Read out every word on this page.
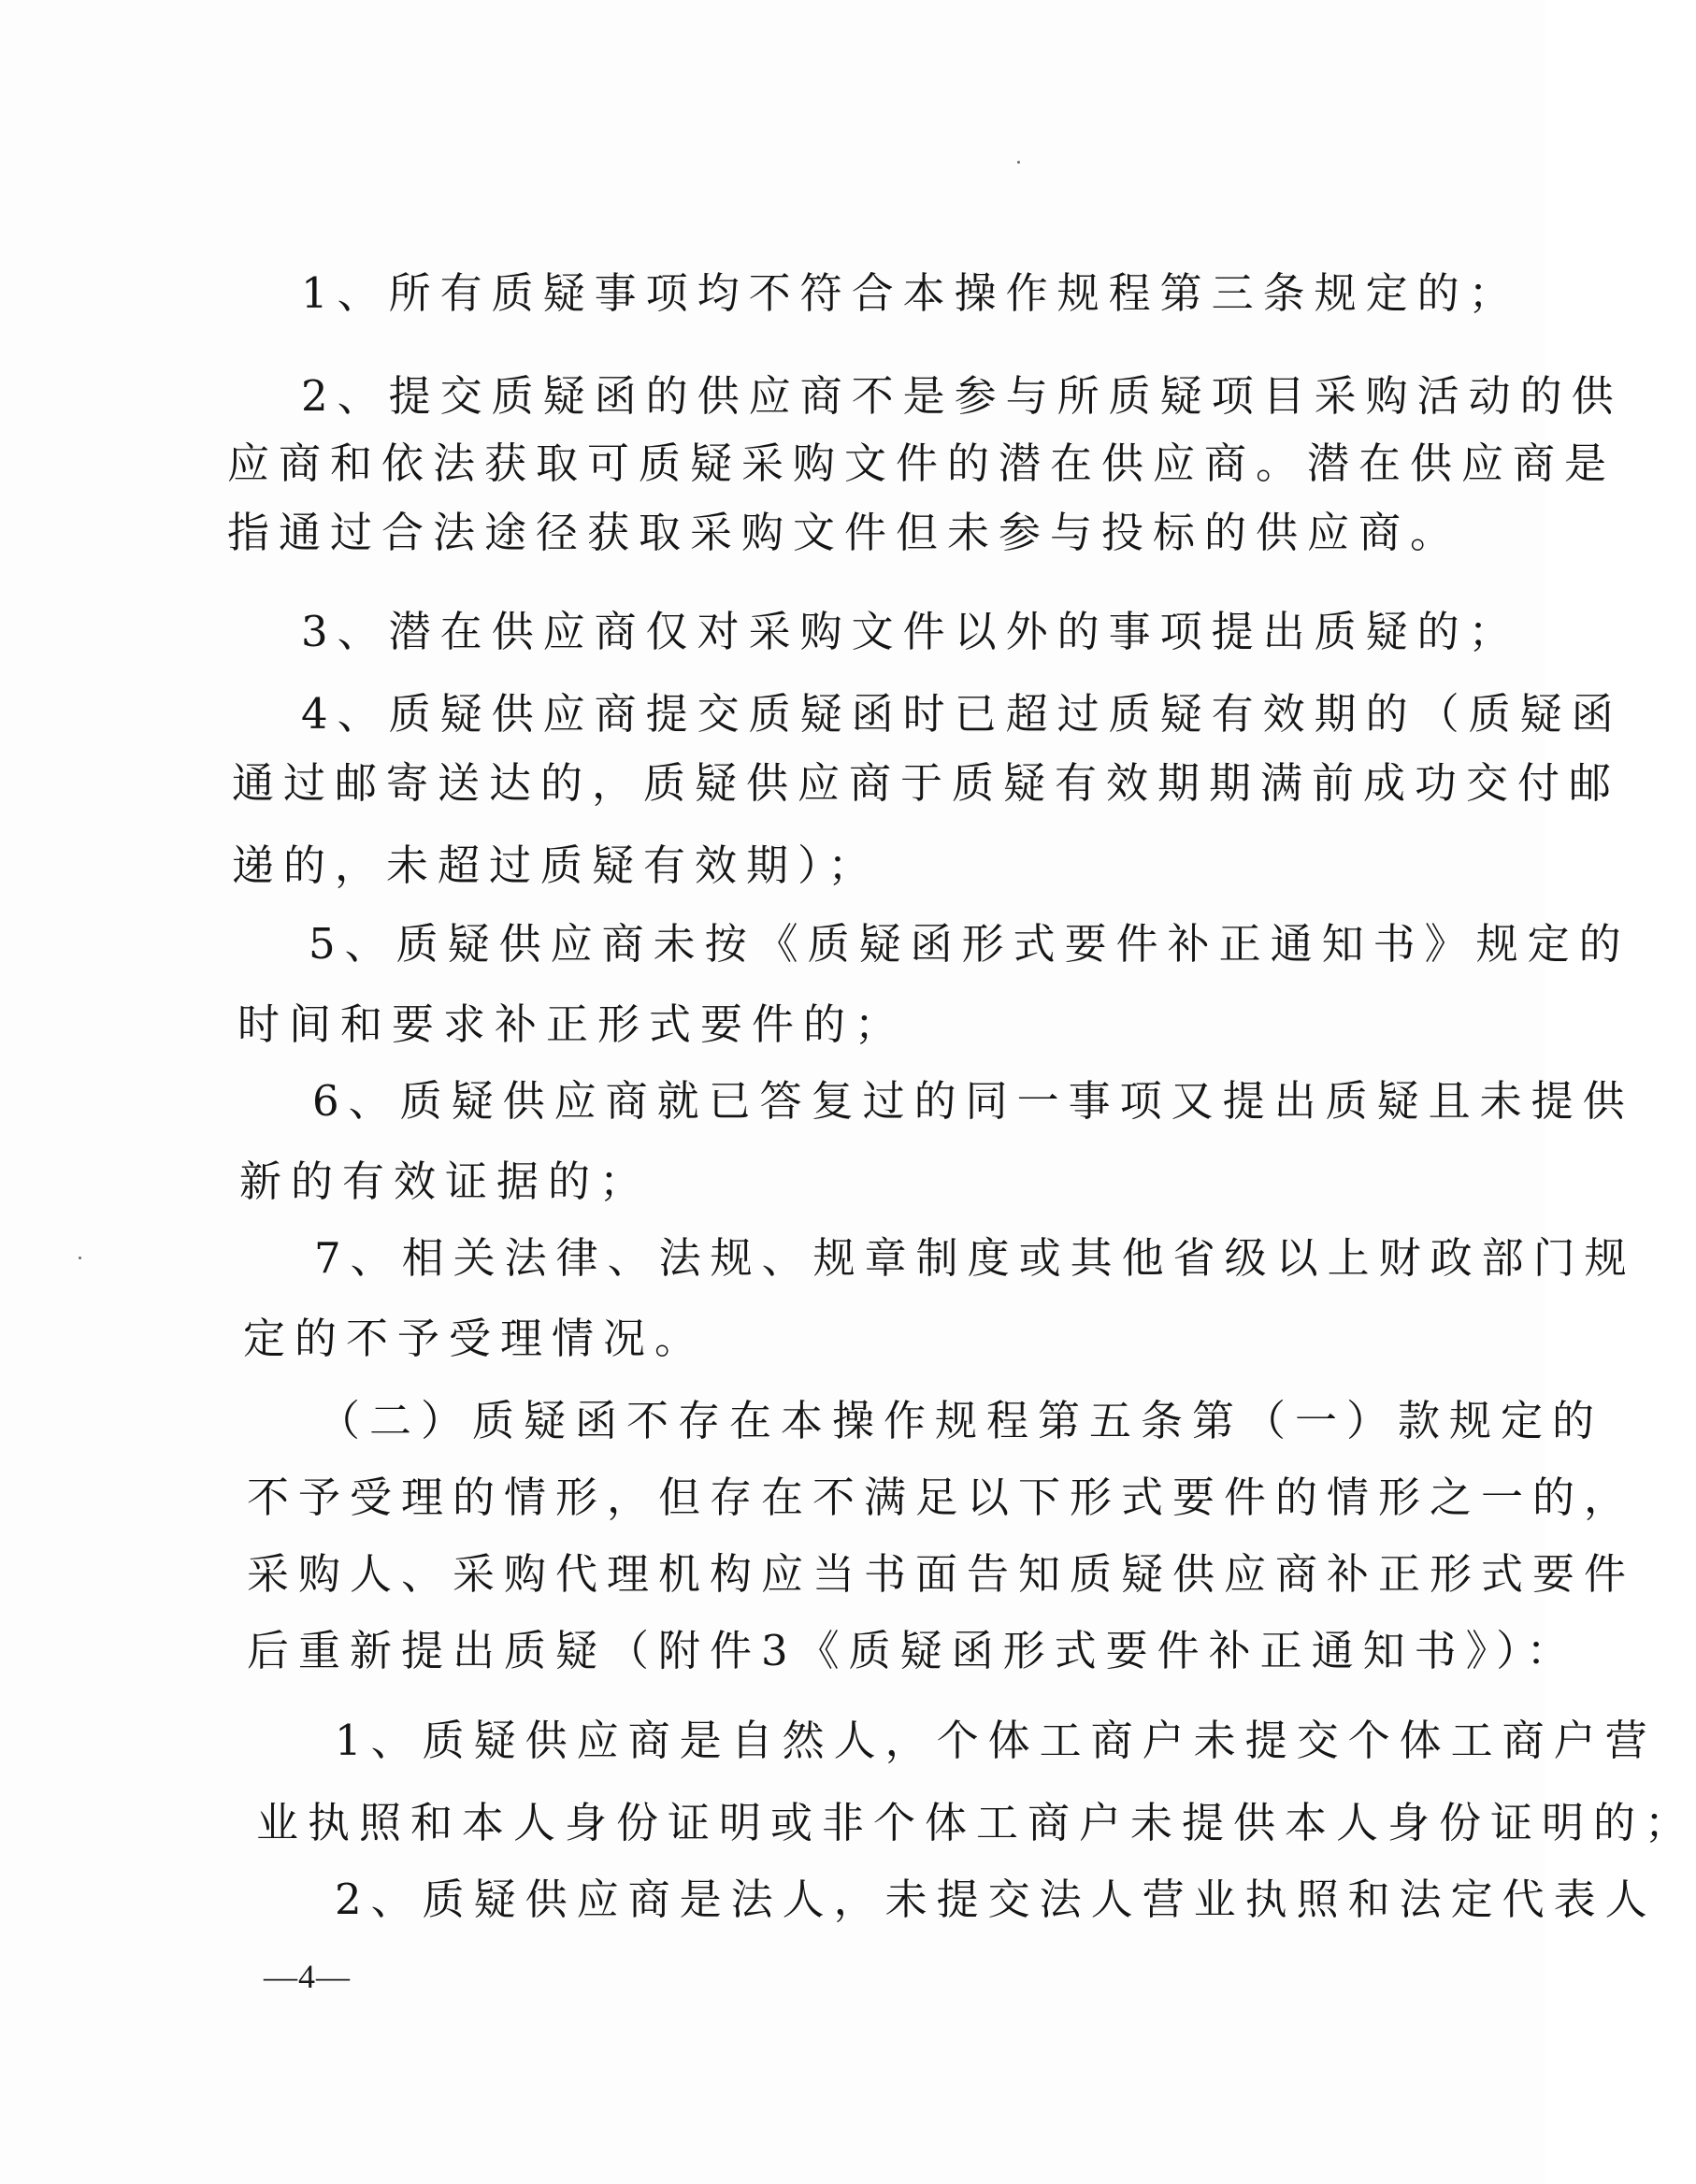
1、所有质疑事项均不符合本操作规程第三条规定的；
2、提交质疑函的供应商不是参与所质疑项目采购活动的供
应商和依法获取可质疑采购文件的潜在供应商。潜在供应商是
指通过合法途径获取采购文件但未参与投标的供应商。
3、潜在供应商仅对采购文件以外的事项提出质疑的；
4、质疑供应商提交质疑函时已超过质疑有效期的（质疑函
通过邮寄送达的，质疑供应商于质疑有效期期满前成功交付邮
递的，未超过质疑有效期）；
5、质疑供应商未按《质疑函形式要件补正通知书》规定的
时间和要求补正形式要件的；
6、质疑供应商就已答复过的同一事项又提出质疑且未提供
新的有效证据的；
7、相关法律、法规、规章制度或其他省级以上财政部门规
定的不予受理情况。
（二）质疑函不存在本操作规程第五条第（一）款规定的
不予受理的情形，但存在不满足以下形式要件的情形之一的，
采购人、采购代理机构应当书面告知质疑供应商补正形式要件
后重新提出质疑（附件3《质疑函形式要件补正通知书》）：
1、质疑供应商是自然人，个体工商户未提交个体工商户营
业执照和本人身份证明或非个体工商户未提供本人身份证明的；
2、质疑供应商是法人，未提交法人营业执照和法定代表人
—4—
